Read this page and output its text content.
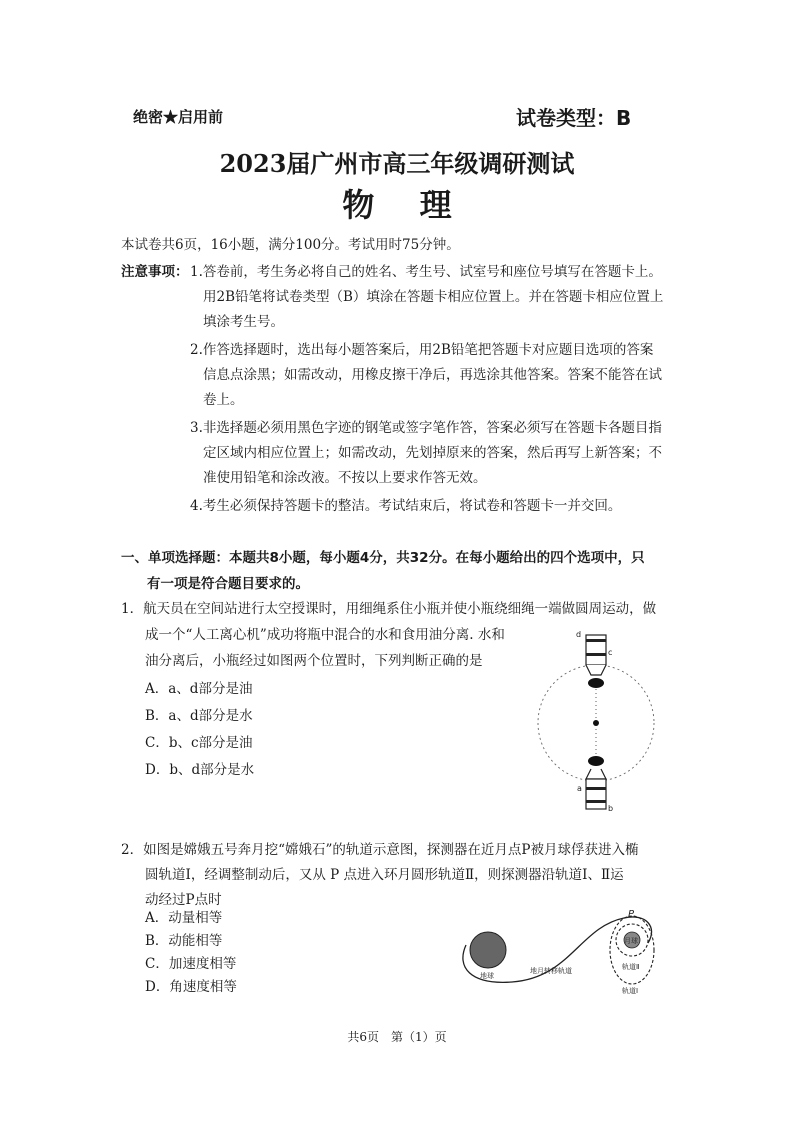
绝密★启用前	试卷类型：B
2023届广州市高三年级调研测试
物 理
本试卷共6页，16小题，满分100分。考试用时75分钟。
注意事项： 1.答卷前，考生务必将自己的姓名、考生号、试室号和座位号填写在答题卡上。
用2B铅笔将试卷类型（B）填涂在答题卡相应位置上。并在答题卡相应位置上
填涂考生号。
2.作答选择题时，选出每小题答案后，用2B铅笔把答题卡对应题目选项的答案
信息点涂黑；如需改动，用橡皮擦干净后，再选涂其他答案。答案不能答在试
卷上。
3.非选择题必须用黑色字迹的钢笔或签字笔作答，答案必须写在答题卡各题目指
定区域内相应位置上；如需改动，先划掉原来的答案，然后再写上新答案；不
准使用铅笔和涂改液。不按以上要求作答无效。
4.考生必须保持答题卡的整洁。考试结束后，将试卷和答题卡一并交回。
一、单项选择题：本题共8小题，每小题4分，共32分。在每小题给出的四个选项中，只
有一项是符合题目要求的。
1．航天员在空间站进行太空授课时，用细绳系住小瓶并使小瓶绕细绳一端做圆周运动，做
成一个“人工离心机”成功将瓶中混合的水和食用油分离. 水和
油分离后，小瓶经过如图两个位置时，下列判断正确的是
A．a、d部分是油
B．a、d部分是水
C．b、c部分是油
D．b、d部分是水
d
c
a
b
2．如图是嫦娥五号奔月挖“嫦娥石”的轨道示意图，探测器在近月点P被月球俘获进入椭
圆轨道Ⅰ，经调整制动后，又从 P 点进入环月圆形轨道Ⅱ，则探测器沿轨道Ⅰ、Ⅱ运
动经过P点时
A．动量相等
B．动能相等
C．加速度相等
D．角速度相等
地球
地月转移轨道
月球
P
轨道Ⅱ
轨道Ⅰ
共6页　第（1）页
